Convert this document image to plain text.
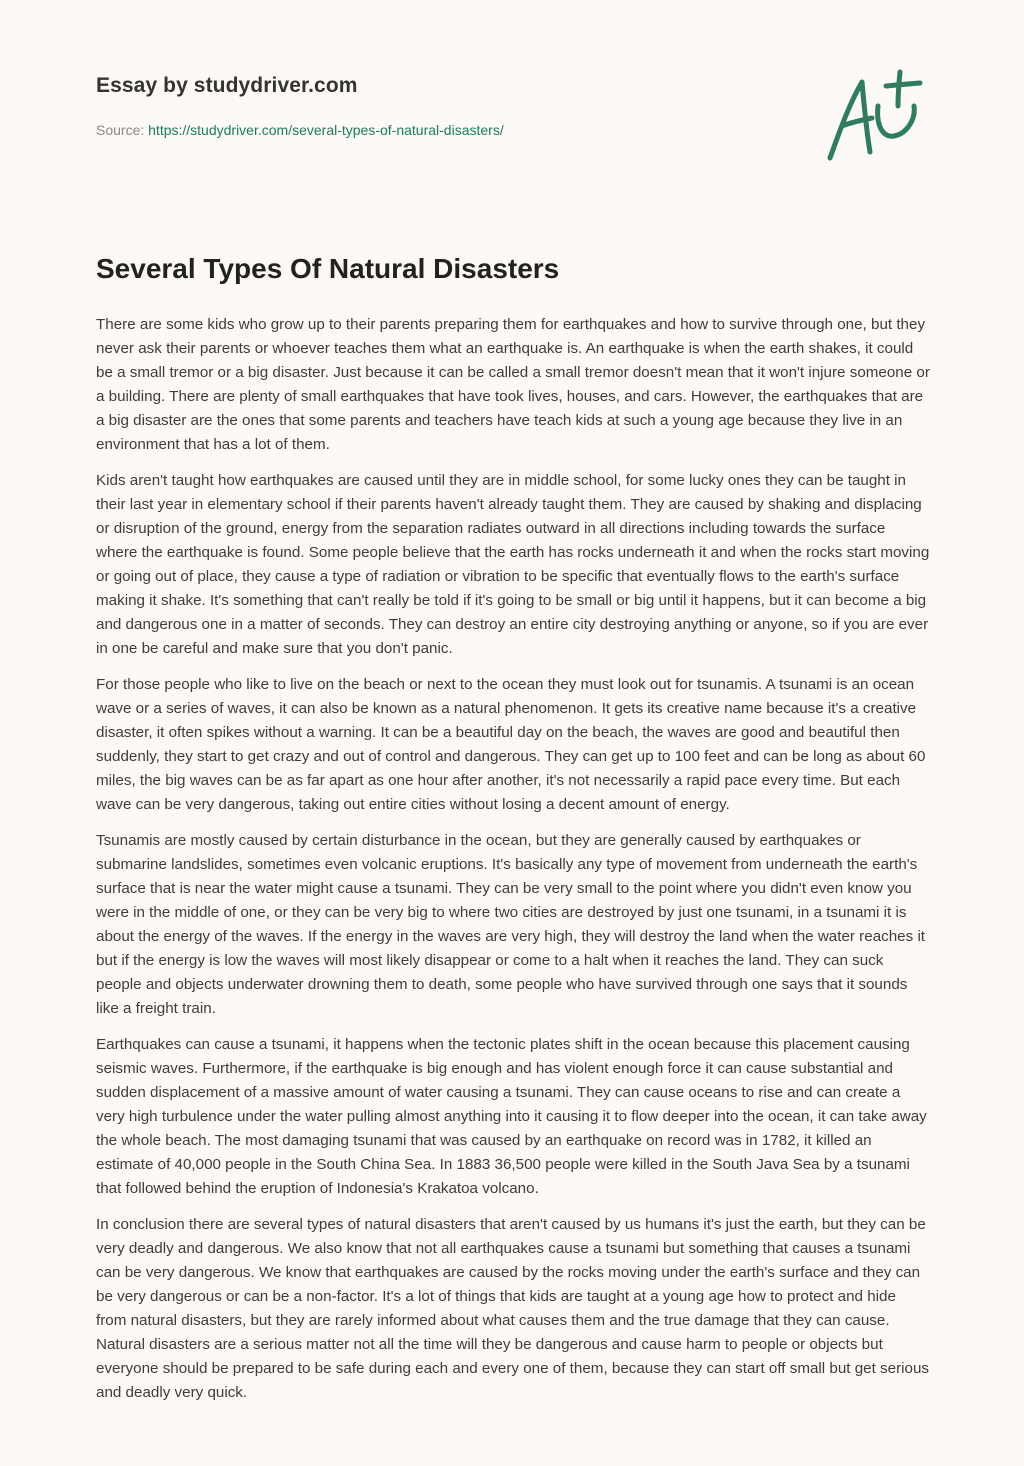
Essay by studydriver.com
Source: https://studydriver.com/several-types-of-natural-disasters/
Several Types Of Natural Disasters

There are some kids who grow up to their parents preparing them for earthquakes and how to survive through one, but they never ask their parents or whoever teaches them what an earthquake is. An earthquake is when the earth shakes, it could be a small tremor or a big disaster. Just because it can be called a small tremor doesn't mean that it won't injure someone or a building. There are plenty of small earthquakes that have took lives, houses, and cars. However, the earthquakes that are a big disaster are the ones that some parents and teachers have teach kids at such a young age because they live in an environment that has a lot of them.

Kids aren't taught how earthquakes are caused until they are in middle school, for some lucky ones they can be taught in their last year in elementary school if their parents haven't already taught them. They are caused by shaking and displacing or disruption of the ground, energy from the separation radiates outward in all directions including towards the surface where the earthquake is found. Some people believe that the earth has rocks underneath it and when the rocks start moving or going out of place, they cause a type of radiation or vibration to be specific that eventually flows to the earth's surface making it shake. It's something that can't really be told if it's going to be small or big until it happens, but it can become a big and dangerous one in a matter of seconds. They can destroy an entire city destroying anything or anyone, so if you are ever in one be careful and make sure that you don't panic.

For those people who like to live on the beach or next to the ocean they must look out for tsunamis. A tsunami is an ocean wave or a series of waves, it can also be known as a natural phenomenon. It gets its creative name because it's a creative disaster, it often spikes without a warning. It can be a beautiful day on the beach, the waves are good and beautiful then suddenly, they start to get crazy and out of control and dangerous. They can get up to 100 feet and can be long as about 60 miles, the big waves can be as far apart as one hour after another, it's not necessarily a rapid pace every time. But each wave can be very dangerous, taking out entire cities without losing a decent amount of energy.

Tsunamis are mostly caused by certain disturbance in the ocean, but they are generally caused by earthquakes or submarine landslides, sometimes even volcanic eruptions. It's basically any type of movement from underneath the earth's surface that is near the water might cause a tsunami. They can be very small to the point where you didn't even know you were in the middle of one, or they can be very big to where two cities are destroyed by just one tsunami, in a tsunami it is about the energy of the waves. If the energy in the waves are very high, they will destroy the land when the water reaches it but if the energy is low the waves will most likely disappear or come to a halt when it reaches the land. They can suck people and objects underwater drowning them to death, some people who have survived through one says that it sounds like a freight train.

Earthquakes can cause a tsunami, it happens when the tectonic plates shift in the ocean because this placement causing seismic waves. Furthermore, if the earthquake is big enough and has violent enough force it can cause substantial and sudden displacement of a massive amount of water causing a tsunami. They can cause oceans to rise and can create a very high turbulence under the water pulling almost anything into it causing it to flow deeper into the ocean, it can take away the whole beach. The most damaging tsunami that was caused by an earthquake on record was in 1782, it killed an estimate of 40,000 people in the South China Sea. In 1883 36,500 people were killed in the South Java Sea by a tsunami that followed behind the eruption of Indonesia's Krakatoa volcano.

In conclusion there are several types of natural disasters that aren't caused by us humans it's just the earth, but they can be very deadly and dangerous. We also know that not all earthquakes cause a tsunami but something that causes a tsunami can be very dangerous. We know that earthquakes are caused by the rocks moving under the earth's surface and they can be very dangerous or can be a non-factor. It's a lot of things that kids are taught at a young age how to protect and hide from natural disasters, but they are rarely informed about what causes them and the true damage that they can cause. Natural disasters are a serious matter not all the time will they be dangerous and cause harm to people or objects but everyone should be prepared to be safe during each and every one of them, because they can start off small but get serious and deadly very quick.
